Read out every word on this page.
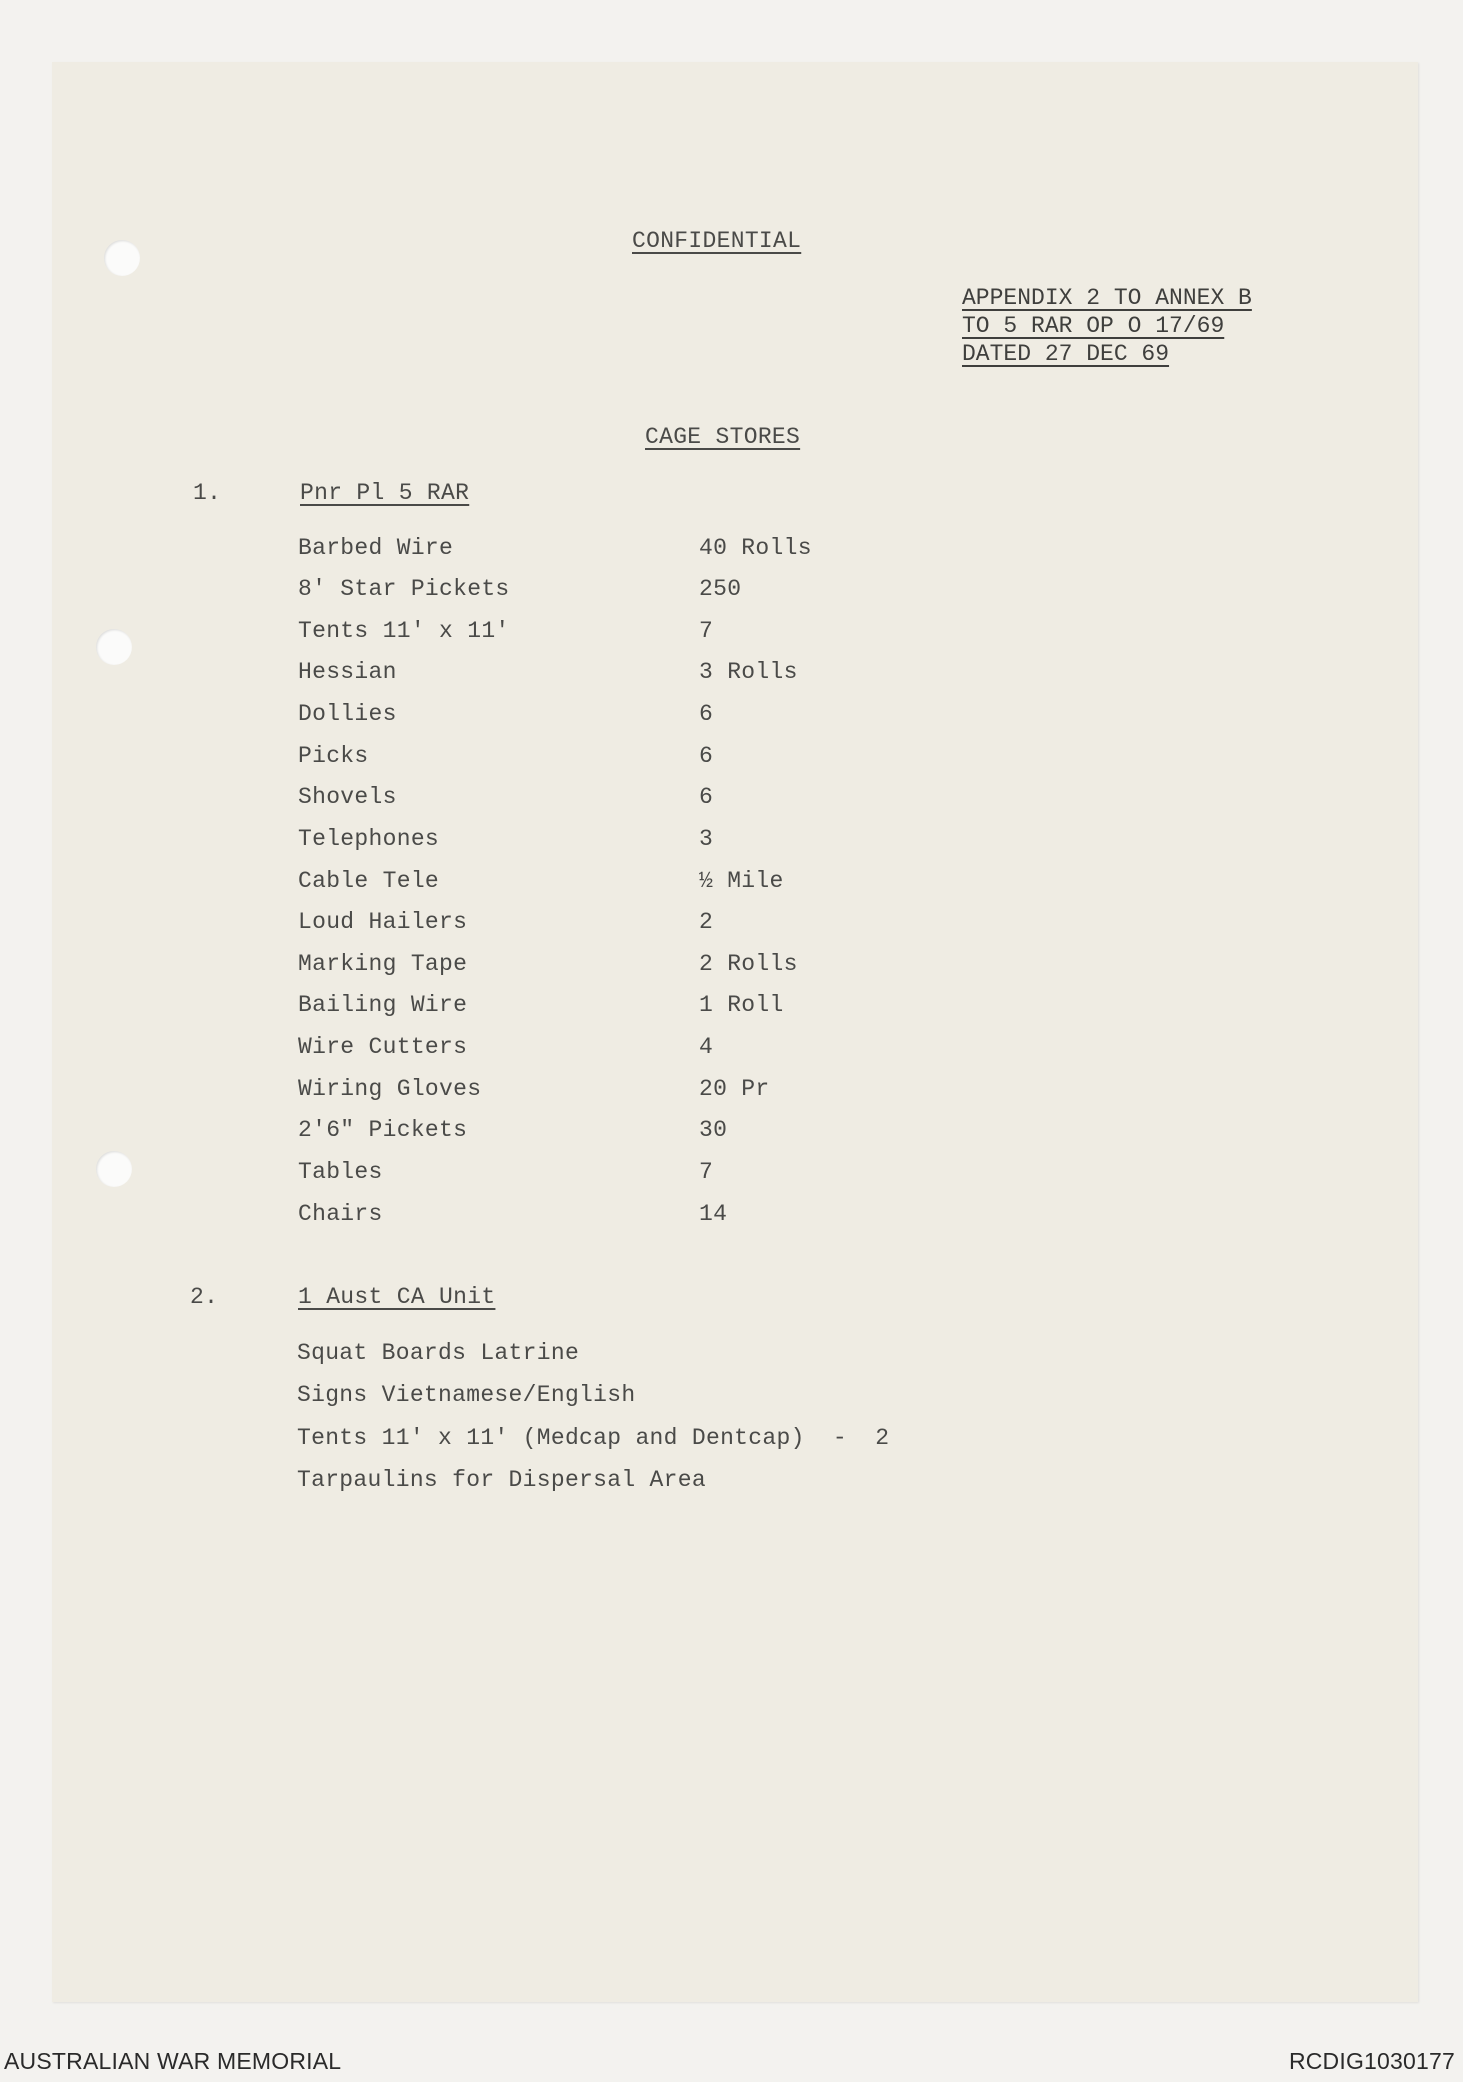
CONFIDENTIAL
APPENDIX 2 TO ANNEX B
TO 5 RAR OP O 17/69
DATED 27 DEC 69
CAGE STORES
1.	Pnr Pl 5 RAR
Barbed Wire	40 Rolls
8' Star Pickets	250
Tents 11' x 11'	7
Hessian	3 Rolls
Dollies	6
Picks	6
Shovels	6
Telephones	3
Cable Tele	½ Mile
Loud Hailers	2
Marking Tape	2 Rolls
Bailing Wire	1 Roll
Wire Cutters	4
Wiring Gloves	20 Pr
2'6" Pickets	30
Tables	7
Chairs	14
2.	1 Aust CA Unit
Squat Boards Latrine
Signs Vietnamese/English
Tents 11' x 11' (Medcap and Dentcap)  -  2
Tarpaulins for Dispersal Area
AUSTRALIAN WAR MEMORIAL	RCDIG1030177
